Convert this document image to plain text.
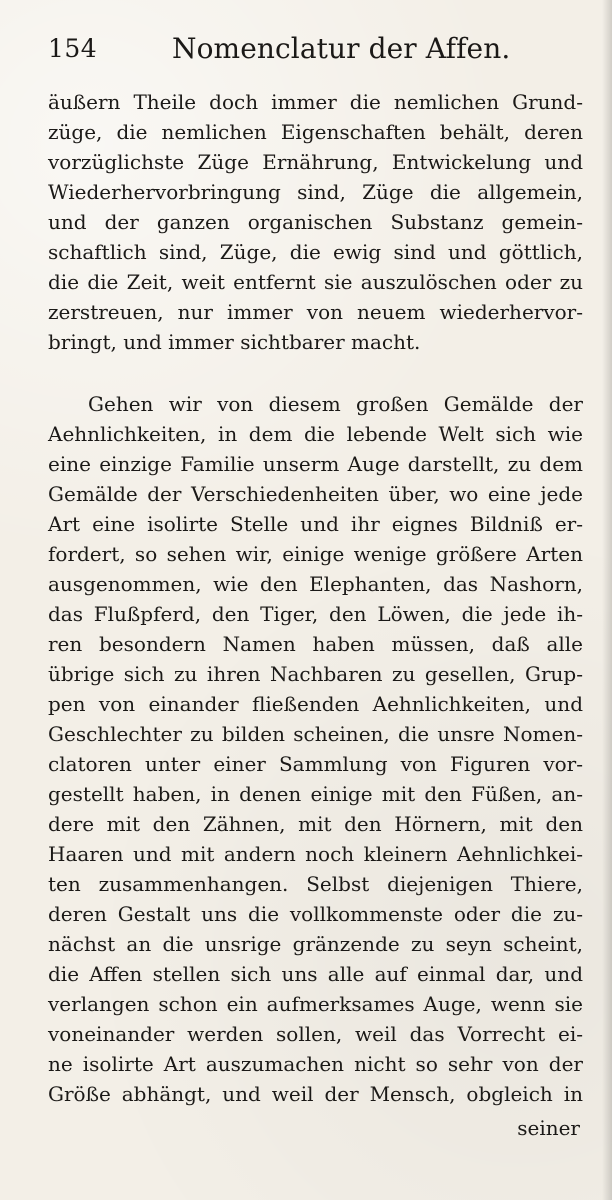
154	Nomenclatur der Affen.
äußern Theile doch immer die nemlichen Grund-
züge, die nemlichen Eigenschaften behält, deren
vorzüglichste Züge Ernährung, Entwickelung und
Wiederhervorbringung sind, Züge die allgemein,
und der ganzen organischen Substanz gemein-
schaftlich sind, Züge, die ewig sind und göttlich,
die die Zeit, weit entfernt sie auszulöschen oder zu
zerstreuen, nur immer von neuem wiederhervor-
bringt, und immer sichtbarer macht.
Gehen wir von diesem großen Gemälde der
Aehnlichkeiten, in dem die lebende Welt sich wie
eine einzige Familie unserm Auge darstellt, zu dem
Gemälde der Verschiedenheiten über, wo eine jede
Art eine isolirte Stelle und ihr eignes Bildniß er-
fordert, so sehen wir, einige wenige größere Arten
ausgenommen, wie den Elephanten, das Nashorn,
das Flußpferd, den Tiger, den Löwen, die jede ih-
ren besondern Namen haben müssen, daß alle
übrige sich zu ihren Nachbaren zu gesellen, Grup-
pen von einander fließenden Aehnlichkeiten, und
Geschlechter zu bilden scheinen, die unsre Nomen-
clatoren unter einer Sammlung von Figuren vor-
gestellt haben, in denen einige mit den Füßen, an-
dere mit den Zähnen, mit den Hörnern, mit den
Haaren und mit andern noch kleinern Aehnlichkei-
ten zusammenhangen. Selbst diejenigen Thiere,
deren Gestalt uns die vollkommenste oder die zu-
nächst an die unsrige gränzende zu seyn scheint,
die Affen stellen sich uns alle auf einmal dar, und
verlangen schon ein aufmerksames Auge, wenn sie
voneinander werden sollen, weil das Vorrecht ei-
ne isolirte Art auszumachen nicht so sehr von der
Größe abhängt, und weil der Mensch, obgleich in
seiner
